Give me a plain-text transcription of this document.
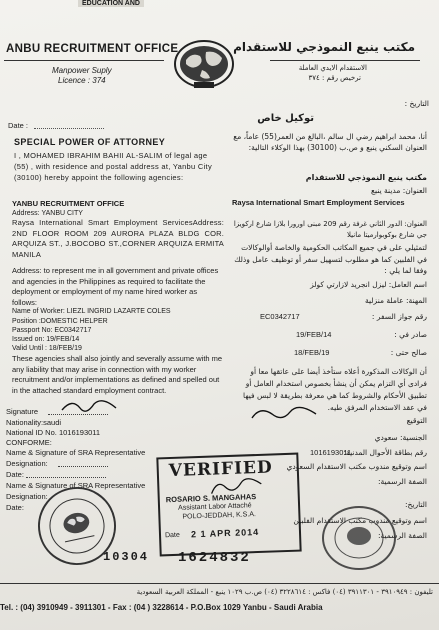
EDUCATION AND
ANBU RECRUITMENT OFFICE	مكتب ينبع النموذجي للاستقدام
Manpower Suply
Licence : 374
الاستقدام الايدي العاملة
ترخيص رقم : ٣٧٤
Date :
التاريخ :
SPECIAL POWER OF ATTORNEY
I , MOHAMED IBRAHIM BAHII AL-SALIM of legal age (55) , with residence and postal address at, Yanbu City (30100) hereby appoint the following agencies:
YANBU RECRUITMENT OFFICE
Address: YANBU CITY
Raysa International Smart Employment ServicesAddress: 2ND FLOOR ROOM 209 AURORA PLAZA BLDG COR. ARQUIZA ST., J.BOCOBO ST.,CORNER ARQUIZA ERMITA MANILA
Address: to represent me in all government and private offices and agencies in the Philippines as required to facilitate the deployment or employment of my name hired worker as follows:
Name of Worker: LIEZL INGRID LAZARTE COLES
Position :DOMESTIC HELPER
Passport No: EC0342717
Issued on: 19/FEB/14
Valid Until : 18/FEB/19
These agencies shall also jointly and severally assume with me any liability that may arise in connection with my worker recruitment and/or implementations as defined and spelled out in the attached standard employment contract.
Signature
Nationality:saudi
National ID No. 1016193011
CONFORME:
Name & Signature of SRA Representative
Designation:
Date:
Name & Signature of SRA Representative
Designation:
Date:
توكيل خاص
أنا، محمد ابراهيم رضي ال سالم ،البالغ من العمر(55) عاماً، مع العنوان السكني ينبع و ص.ب (30100) بهذا الوكلاء التالية:
مكتب ينبع النموذجي للاستقدام
العنوان: مدينة ينبع
Raysa International Smart Employment Services
العنوان: الدور الثاني غرفة رقم 209 مبنى اورورا بلازا شارع اركويزا جي شارع بوكوبوارميتا مانيلا
لتمثيلي على في جميع المكاتب الحكومية والخاصة أوالوكالات في الفلبين كما هو مطلوب لتسهيل سفر أو توظيف عامل وذلك وفقا لما يلي :
اسم العامل: ليزل انجريد لازارتي كولز
المهنة: عاملة منزلية
رقم جواز السفر :
EC0342717
صادر في :
19/FEB/14
صالح حتى :
18/FEB/19
أن الوكالات المذكورة أعلاه ستأخذ أيضا على عاتقها معا أو فرادى أي التزام يمكن أن ينشأ بخصوص استخدام العامل أو تطبيق الأحكام والشروط كما هي معرفة بطريقة لا لبس فيها في عقد الاستخدام المرفق طيه.
التوقيع
الجنسية: سعودي
رقم بطاقة الأحوال المدنية:
1016193011
اسم وتوقيع مندوب مكتب الاستقدام السعودي
الصفة الرسمية:
التاريخ:
اسم وتوقيع مندوب مكتب الاستقدام الفلبين
الصفة الرسمية:
VERIFIED
ROSARIO S. MANGAHAS
Assistant Labor Attaché
POLO-JEDDAH, K.S.A.
Date 2 1 APR 2014
10304 1624832
تليفون : ٣٩١٠٩٤٩ - ٣٩١١٣٠١ (٠٤) فاكس : ٣٢٢٨٦١٤ (٠٤) ص.ب ١٠٢٩ ينبع - المملكة العربية السعودية
Tel. : (04) 3910949 - 3911301 - Fax : (04 ) 3228614 - P.O.Box 1029 Yanbu - Saudi Arabia
